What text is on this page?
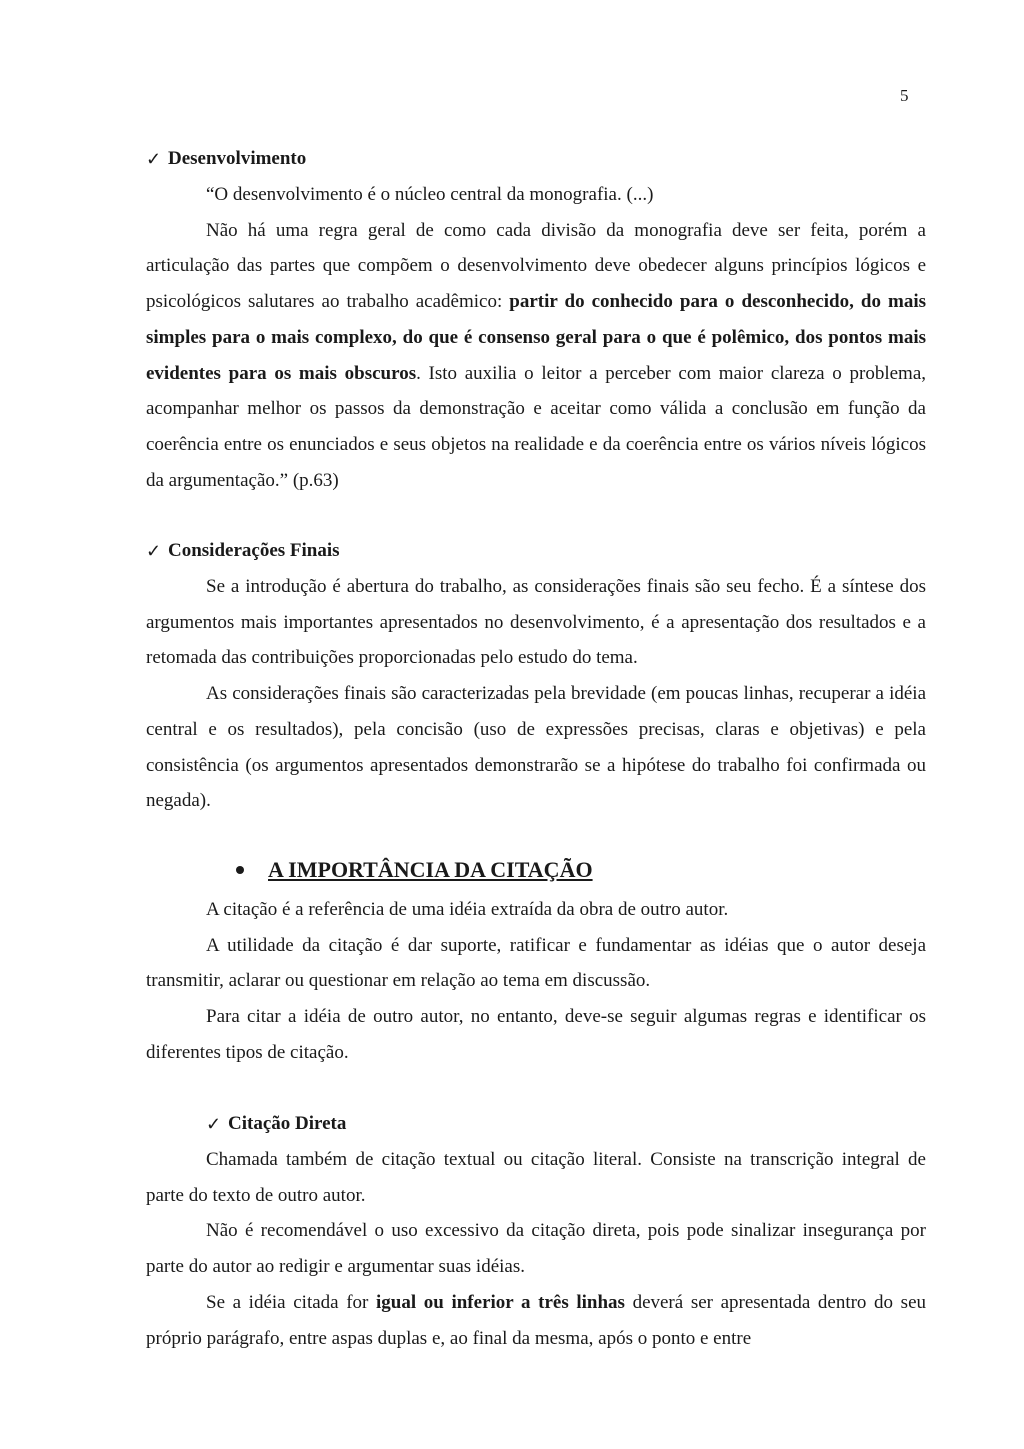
5
✓ Desenvolvimento

“O desenvolvimento é o núcleo central da monografia. (...)

Não há uma regra geral de como cada divisão da monografia deve ser feita, porém a articulação das partes que compõem o desenvolvimento deve obedecer alguns princípios lógicos e psicológicos salutares ao trabalho acadêmico: partir do conhecido para o desconhecido, do mais simples para o mais complexo, do que é consenso geral para o que é polêmico, dos pontos mais evidentes para os mais obscuros. Isto auxilia o leitor a perceber com maior clareza o problema, acompanhar melhor os passos da demonstração e aceitar como válida a conclusão em função da coerência entre os enunciados e seus objetos na realidade e da coerência entre os vários níveis lógicos da argumentação.” (p.63)

✓ Considerações Finais

Se a introdução é abertura do trabalho, as considerações finais são seu fecho. É a síntese dos argumentos mais importantes apresentados no desenvolvimento, é a apresentação dos resultados e a retomada das contribuições proporcionadas pelo estudo do tema.

As considerações finais são caracterizadas pela brevidade (em poucas linhas, recuperar a idéia central e os resultados), pela concisão (uso de expressões precisas, claras e objetivas) e pela consistência (os argumentos apresentados demonstrarão se a hipótese do trabalho foi confirmada ou negada).

A IMPORTÂNCIA DA CITAÇÃO

A citação é a referência de uma idéia extraída da obra de outro autor.

A utilidade da citação é dar suporte, ratificar e fundamentar as idéias que o autor deseja transmitir, aclarar ou questionar em relação ao tema em discussão.

Para citar a idéia de outro autor, no entanto, deve-se seguir algumas regras e identificar os diferentes tipos de citação.

✓ Citação Direta

Chamada também de citação textual ou citação literal. Consiste na transcrição integral de parte do texto de outro autor.

Não é recomendável o uso excessivo da citação direta, pois pode sinalizar insegurança por parte do autor ao redigir e argumentar suas idéias.

Se a idéia citada for igual ou inferior a três linhas deverá ser apresentada dentro do seu próprio parágrafo, entre aspas duplas e, ao final da mesma, após o ponto e entre
